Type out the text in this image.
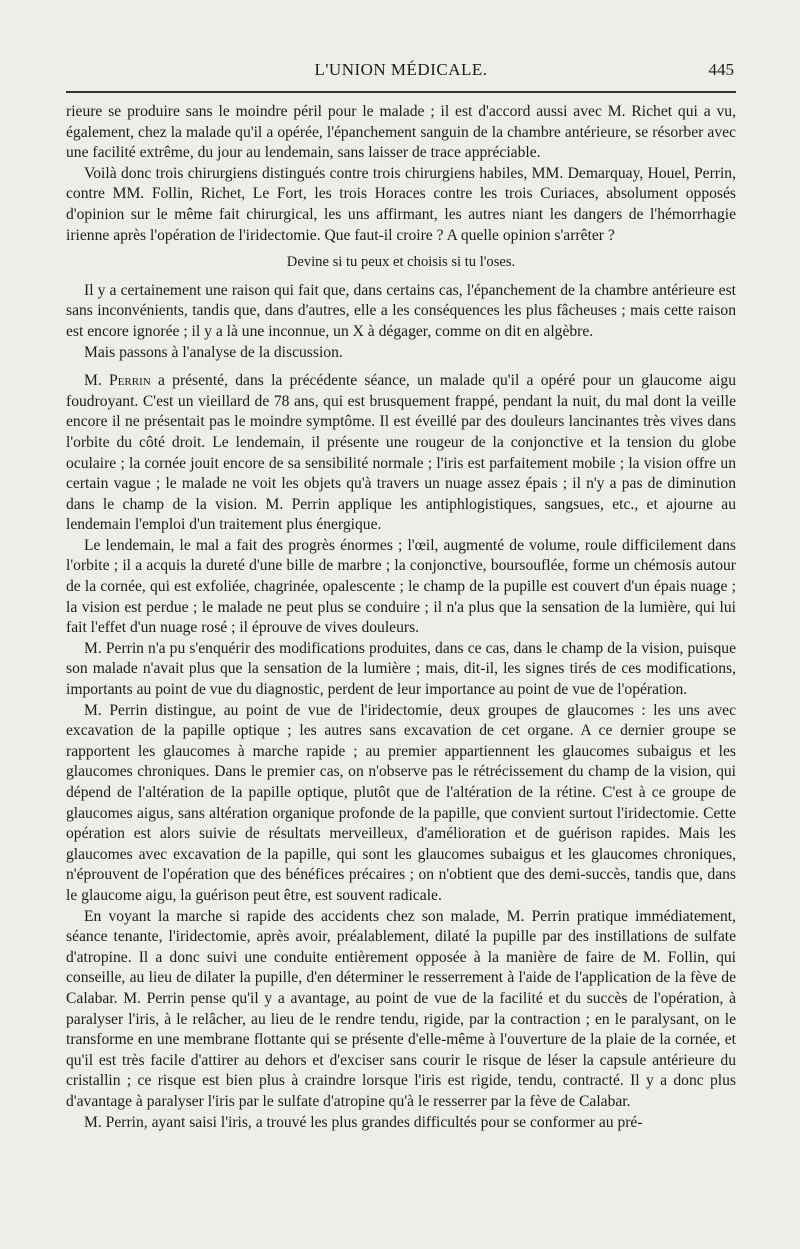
L'UNION MÉDICALE.	445

rieure se produire sans le moindre péril pour le malade ; il est d'accord aussi avec M. Richet qui a vu, également, chez la malade qu'il a opérée, l'épanchement sanguin de la chambre antérieure, se résorber avec une facilité extrême, du jour au lendemain, sans laisser de trace appréciable.

Voilà donc trois chirurgiens distingués contre trois chirurgiens habiles, MM. Demarquay, Houel, Perrin, contre MM. Follin, Richet, Le Fort, les trois Horaces contre les trois Curiaces, absolument opposés d'opinion sur le même fait chirurgical, les uns affirmant, les autres niant les dangers de l'hémorrhagie irienne après l'opération de l'iridectomie. Que faut-il croire ? A quelle opinion s'arrêter ?

Devine si tu peux et choisis si tu l'oses.

Il y a certainement une raison qui fait que, dans certains cas, l'épanchement de la chambre antérieure est sans inconvénients, tandis que, dans d'autres, elle a les conséquences les plus fâcheuses ; mais cette raison est encore ignorée ; il y a là une inconnue, un X à dégager, comme on dit en algèbre.

Mais passons à l'analyse de la discussion.

M. Perrin a présenté, dans la précédente séance, un malade qu'il a opéré pour un glaucome aigu foudroyant. C'est un vieillard de 78 ans, qui est brusquement frappé, pendant la nuit, du mal dont la veille encore il ne présentait pas le moindre symptôme. Il est éveillé par des douleurs lancinantes très vives dans l'orbite du côté droit. Le lendemain, il présente une rougeur de la conjonctive et la tension du globe oculaire ; la cornée jouit encore de sa sensibilité normale ; l'iris est parfaitement mobile ; la vision offre un certain vague ; le malade ne voit les objets qu'à travers un nuage assez épais ; il n'y a pas de diminution dans le champ de la vision. M. Perrin applique les antiphlogistiques, sangsues, etc., et ajourne au lendemain l'emploi d'un traitement plus énergique.

Le lendemain, le mal a fait des progrès énormes ; l'œil, augmenté de volume, roule difficilement dans l'orbite ; il a acquis la dureté d'une bille de marbre ; la conjonctive, boursouflée, forme un chémosis autour de la cornée, qui est exfoliée, chagrinée, opalescente ; le champ de la pupille est couvert d'un épais nuage ; la vision est perdue ; le malade ne peut plus se conduire ; il n'a plus que la sensation de la lumière, qui lui fait l'effet d'un nuage rosé ; il éprouve de vives douleurs.

M. Perrin n'a pu s'enquérir des modifications produites, dans ce cas, dans le champ de la vision, puisque son malade n'avait plus que la sensation de la lumière ; mais, dit-il, les signes tirés de ces modifications, importants au point de vue du diagnostic, perdent de leur importance au point de vue de l'opération.

M. Perrin distingue, au point de vue de l'iridectomie, deux groupes de glaucomes : les uns avec excavation de la papille optique ; les autres sans excavation de cet organe. A ce dernier groupe se rapportent les glaucomes à marche rapide ; au premier appartiennent les glaucomes subaigus et les glaucomes chroniques. Dans le premier cas, on n'observe pas le rétrécissement du champ de la vision, qui dépend de l'altération de la papille optique, plutôt que de l'altération de la rétine. C'est à ce groupe de glaucomes aigus, sans altération organique profonde de la papille, que convient surtout l'iridectomie. Cette opération est alors suivie de résultats merveilleux, d'amélioration et de guérison rapides. Mais les glaucomes avec excavation de la papille, qui sont les glaucomes subaigus et les glaucomes chroniques, n'éprouvent de l'opération que des bénéfices précaires ; on n'obtient que des demi-succès, tandis que, dans le glaucome aigu, la guérison peut être, est souvent radicale.

En voyant la marche si rapide des accidents chez son malade, M. Perrin pratique immédiatement, séance tenante, l'iridectomie, après avoir, préalablement, dilaté la pupille par des instillations de sulfate d'atropine. Il a donc suivi une conduite entièrement opposée à la manière de faire de M. Follin, qui conseille, au lieu de dilater la pupille, d'en déterminer le resserrement à l'aide de l'application de la fève de Calabar. M. Perrin pense qu'il y a avantage, au point de vue de la facilité et du succès de l'opération, à paralyser l'iris, à le relâcher, au lieu de le rendre tendu, rigide, par la contraction ; en le paralysant, on le transforme en une membrane flottante qui se présente d'elle-même à l'ouverture de la plaie de la cornée, et qu'il est très facile d'attirer au dehors et d'exciser sans courir le risque de léser la capsule antérieure du cristallin ; ce risque est bien plus à craindre lorsque l'iris est rigide, tendu, contracté. Il y a donc plus d'avantage à paralyser l'iris par le sulfate d'atropine qu'à le resserrer par la fève de Calabar.

M. Perrin, ayant saisi l'iris, a trouvé les plus grandes difficultés pour se conformer au pré-
